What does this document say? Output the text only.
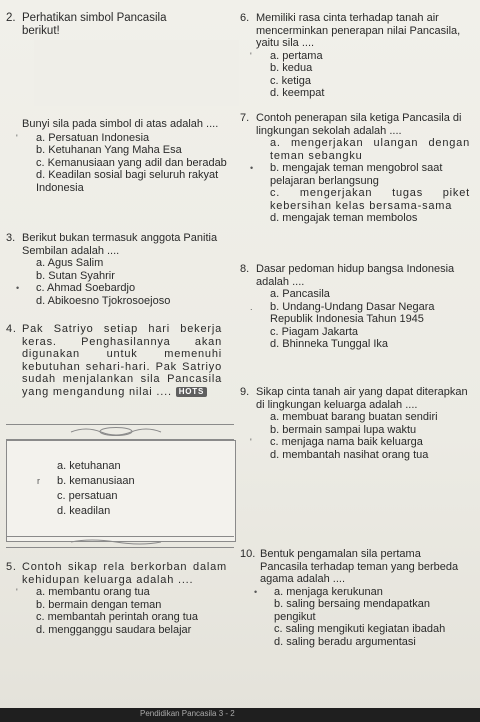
2. Perhatikan simbol Pancasila
berikut!
Bunyi sila pada simbol di atas adalah ....
' a. Persatuan Indonesia
b. Ketuhanan Yang Maha Esa
c. Kemanusiaan yang adil dan beradab
d. Keadilan sosial bagi seluruh rakyat Indonesia
3. Berikut bukan termasuk anggota Panitia Sembilan adalah ....
a. Agus Salim
b. Sutan Syahrir
• c. Ahmad Soebardjo
d. Abikoesno Tjokrosoejoso
4. Pak Satriyo setiap hari bekerja keras. Penghasilannya akan digunakan untuk memenuhi kebutuhan sehari-hari. Pak Satriyo sudah menjalankan sila Pancasila yang mengandung nilai .... HOTS
a. ketuhanan
r b. kemanusiaan
c. persatuan
d. keadilan
5. Contoh sikap rela berkorban dalam kehidupan keluarga adalah ....
' a. membantu orang tua
b. bermain dengan teman
c. membantah perintah orang tua
d. mengganggu saudara belajar
6. Memiliki rasa cinta terhadap tanah air mencerminkan penerapan nilai Pancasila, yaitu sila ....
' a. pertama
b. kedua
c. ketiga
d. keempat
7. Contoh penerapan sila ketiga Pancasila di lingkungan sekolah adalah ....
a. mengerjakan ulangan dengan teman sebangku
• b. mengajak teman mengobrol saat pelajaran berlangsung
c. mengerjakan tugas piket kebersihan kelas bersama-sama
d. mengajak teman membolos
8. Dasar pedoman hidup bangsa Indonesia adalah ....
a. Pancasila
. b. Undang-Undang Dasar Negara Republik Indonesia Tahun 1945
c. Piagam Jakarta
d. Bhinneka Tunggal Ika
9. Sikap cinta tanah air yang dapat diterapkan di lingkungan keluarga adalah ....
a. membuat barang buatan sendiri
b. bermain sampai lupa waktu
' c. menjaga nama baik keluarga
d. membantah nasihat orang tua
10. Bentuk pengamalan sila pertama Pancasila terhadap teman yang berbeda agama adalah ....
• a. menjaga kerukunan
b. saling bersaing mendapatkan pengikut
c. saling mengikuti kegiatan ibadah
d. saling beradu argumentasi
Pendidikan Pancasila 3 - 2
